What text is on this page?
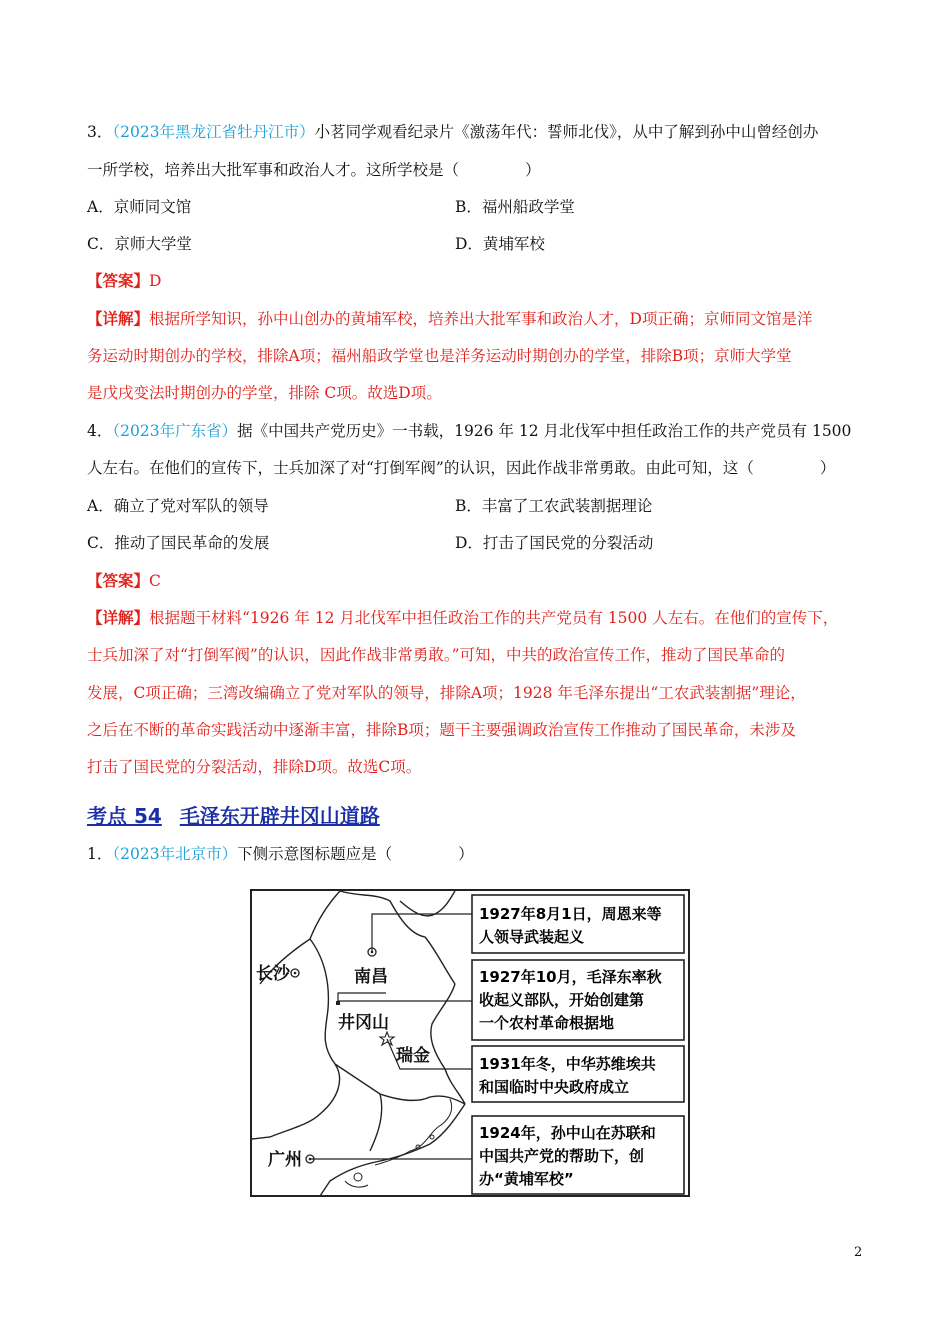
3．（2023年黑龙江省牡丹江市）小茗同学观看纪录片《激荡年代：誓师北伐》，从中了解到孙中山曾经创办
一所学校，培养出大批军事和政治人才。这所学校是（	）
A．京师同文馆	B．福州船政学堂
C．京师大学堂	D．黄埔军校
【答案】D
【详解】根据所学知识，孙中山创办的黄埔军校，培养出大批军事和政治人才，D项正确；京师同文馆是洋
务运动时期创办的学校，排除A项；福州船政学堂也是洋务运动时期创办的学堂，排除B项；京师大学堂
是戊戌变法时期创办的学堂，排除 C项。故选D项。
4．（2023年广东省）据《中国共产党历史》一书载，1926 年 12 月北伐军中担任政治工作的共产党员有 1500
人左右。在他们的宣传下，士兵加深了对“打倒军阀”的认识，因此作战非常勇敢。由此可知，这（	）
A．确立了党对军队的领导	B．丰富了工农武装割据理论
C．推动了国民革命的发展	D．打击了国民党的分裂活动
【答案】C
【详解】根据题干材料“1926 年 12 月北伐军中担任政治工作的共产党员有 1500 人左右。在他们的宣传下，
士兵加深了对“打倒军阀”的认识，因此作战非常勇敢。”可知，中共的政治宣传工作，推动了国民革命的
发展，C项正确；三湾改编确立了党对军队的领导，排除A项；1928 年毛泽东提出“工农武装割据”理论，
之后在不断的革命实践活动中逐渐丰富，排除B项；题干主要强调政治宣传工作推动了国民革命，未涉及
打击了国民党的分裂活动，排除D项。故选C项。
考点 54 毛泽东开辟井冈山道路
1．（2023年北京市）下侧示意图标题应是（	）
长沙	南昌
井冈山
瑞金
广州
1927年8月1日，周恩来等
人领导武装起义
1927年10月，毛泽东率秋
收起义部队，开始创建第
一个农村革命根据地
1931年冬，中华苏维埃共
和国临时中央政府成立
1924年，孙中山在苏联和
中国共产党的帮助下，创
办“黄埔军校”
2
